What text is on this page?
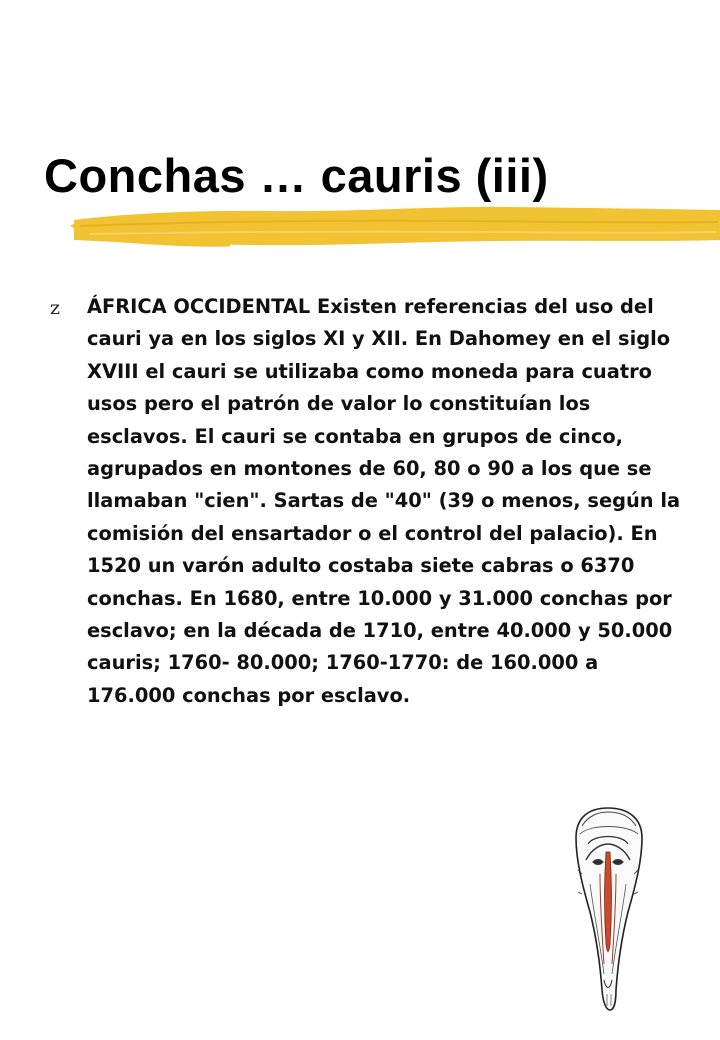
Conchas … cauris (iii)
z ÁFRICA OCCIDENTAL Existen referencias del uso del cauri ya en los siglos XI y XII. En Dahomey en el siglo XVIII el cauri se utilizaba como moneda para cuatro usos pero el patrón de valor lo constituían los esclavos. El cauri se contaba en grupos de cinco, agrupados en montones de 60, 80 o 90 a los que se llamaban "cien". Sartas de "40" (39 o menos, según la comisión del ensartador o el control del palacio). En 1520 un varón adulto costaba siete cabras o 6370 conchas. En 1680, entre 10.000 y 31.000 conchas por esclavo; en la década de 1710, entre 40.000 y 50.000 cauris; 1760- 80.000; 1760-1770: de 160.000 a 176.000 conchas por esclavo.
